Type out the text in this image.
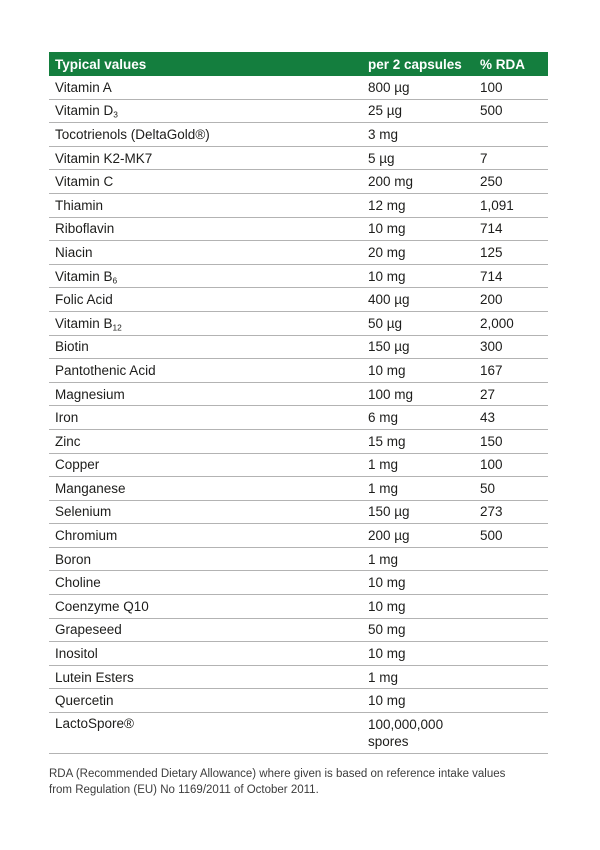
Typical values	per 2 capsules	% RDA
Vitamin A	800 µg	100
Vitamin $D_3$	25 µg	500
Tocotrienols (DeltaGold®)	3 mg
Vitamin K2-MK7	5 µg	7
Vitamin C	200 mg	250
Thiamin	12 mg	1,091
Riboflavin	10 mg	714
Niacin	20 mg	125
Vitamin $B_6$	10 mg	714
Folic Acid	400 µg	200
Vitamin $B_{12}$	50 µg	2,000
Biotin	150 µg	300
Pantothenic Acid	10 mg	167
Magnesium	100 mg	27
Iron	6 mg	43
Zinc	15 mg	150
Copper	1 mg	100
Manganese	1 mg	50
Selenium	150 µg	273
Chromium	200 µg	500
Boron	1 mg
Choline	10 mg
Coenzyme Q10	10 mg
Grapeseed	50 mg
Inositol	10 mg
Lutein Esters	1 mg
Quercetin	10 mg
LactoSpore®	100,000,000
spores
RDA (Recommended Dietary Allowance) where given is based on reference intake values from Regulation (EU) No 1169/2011 of October 2011.
